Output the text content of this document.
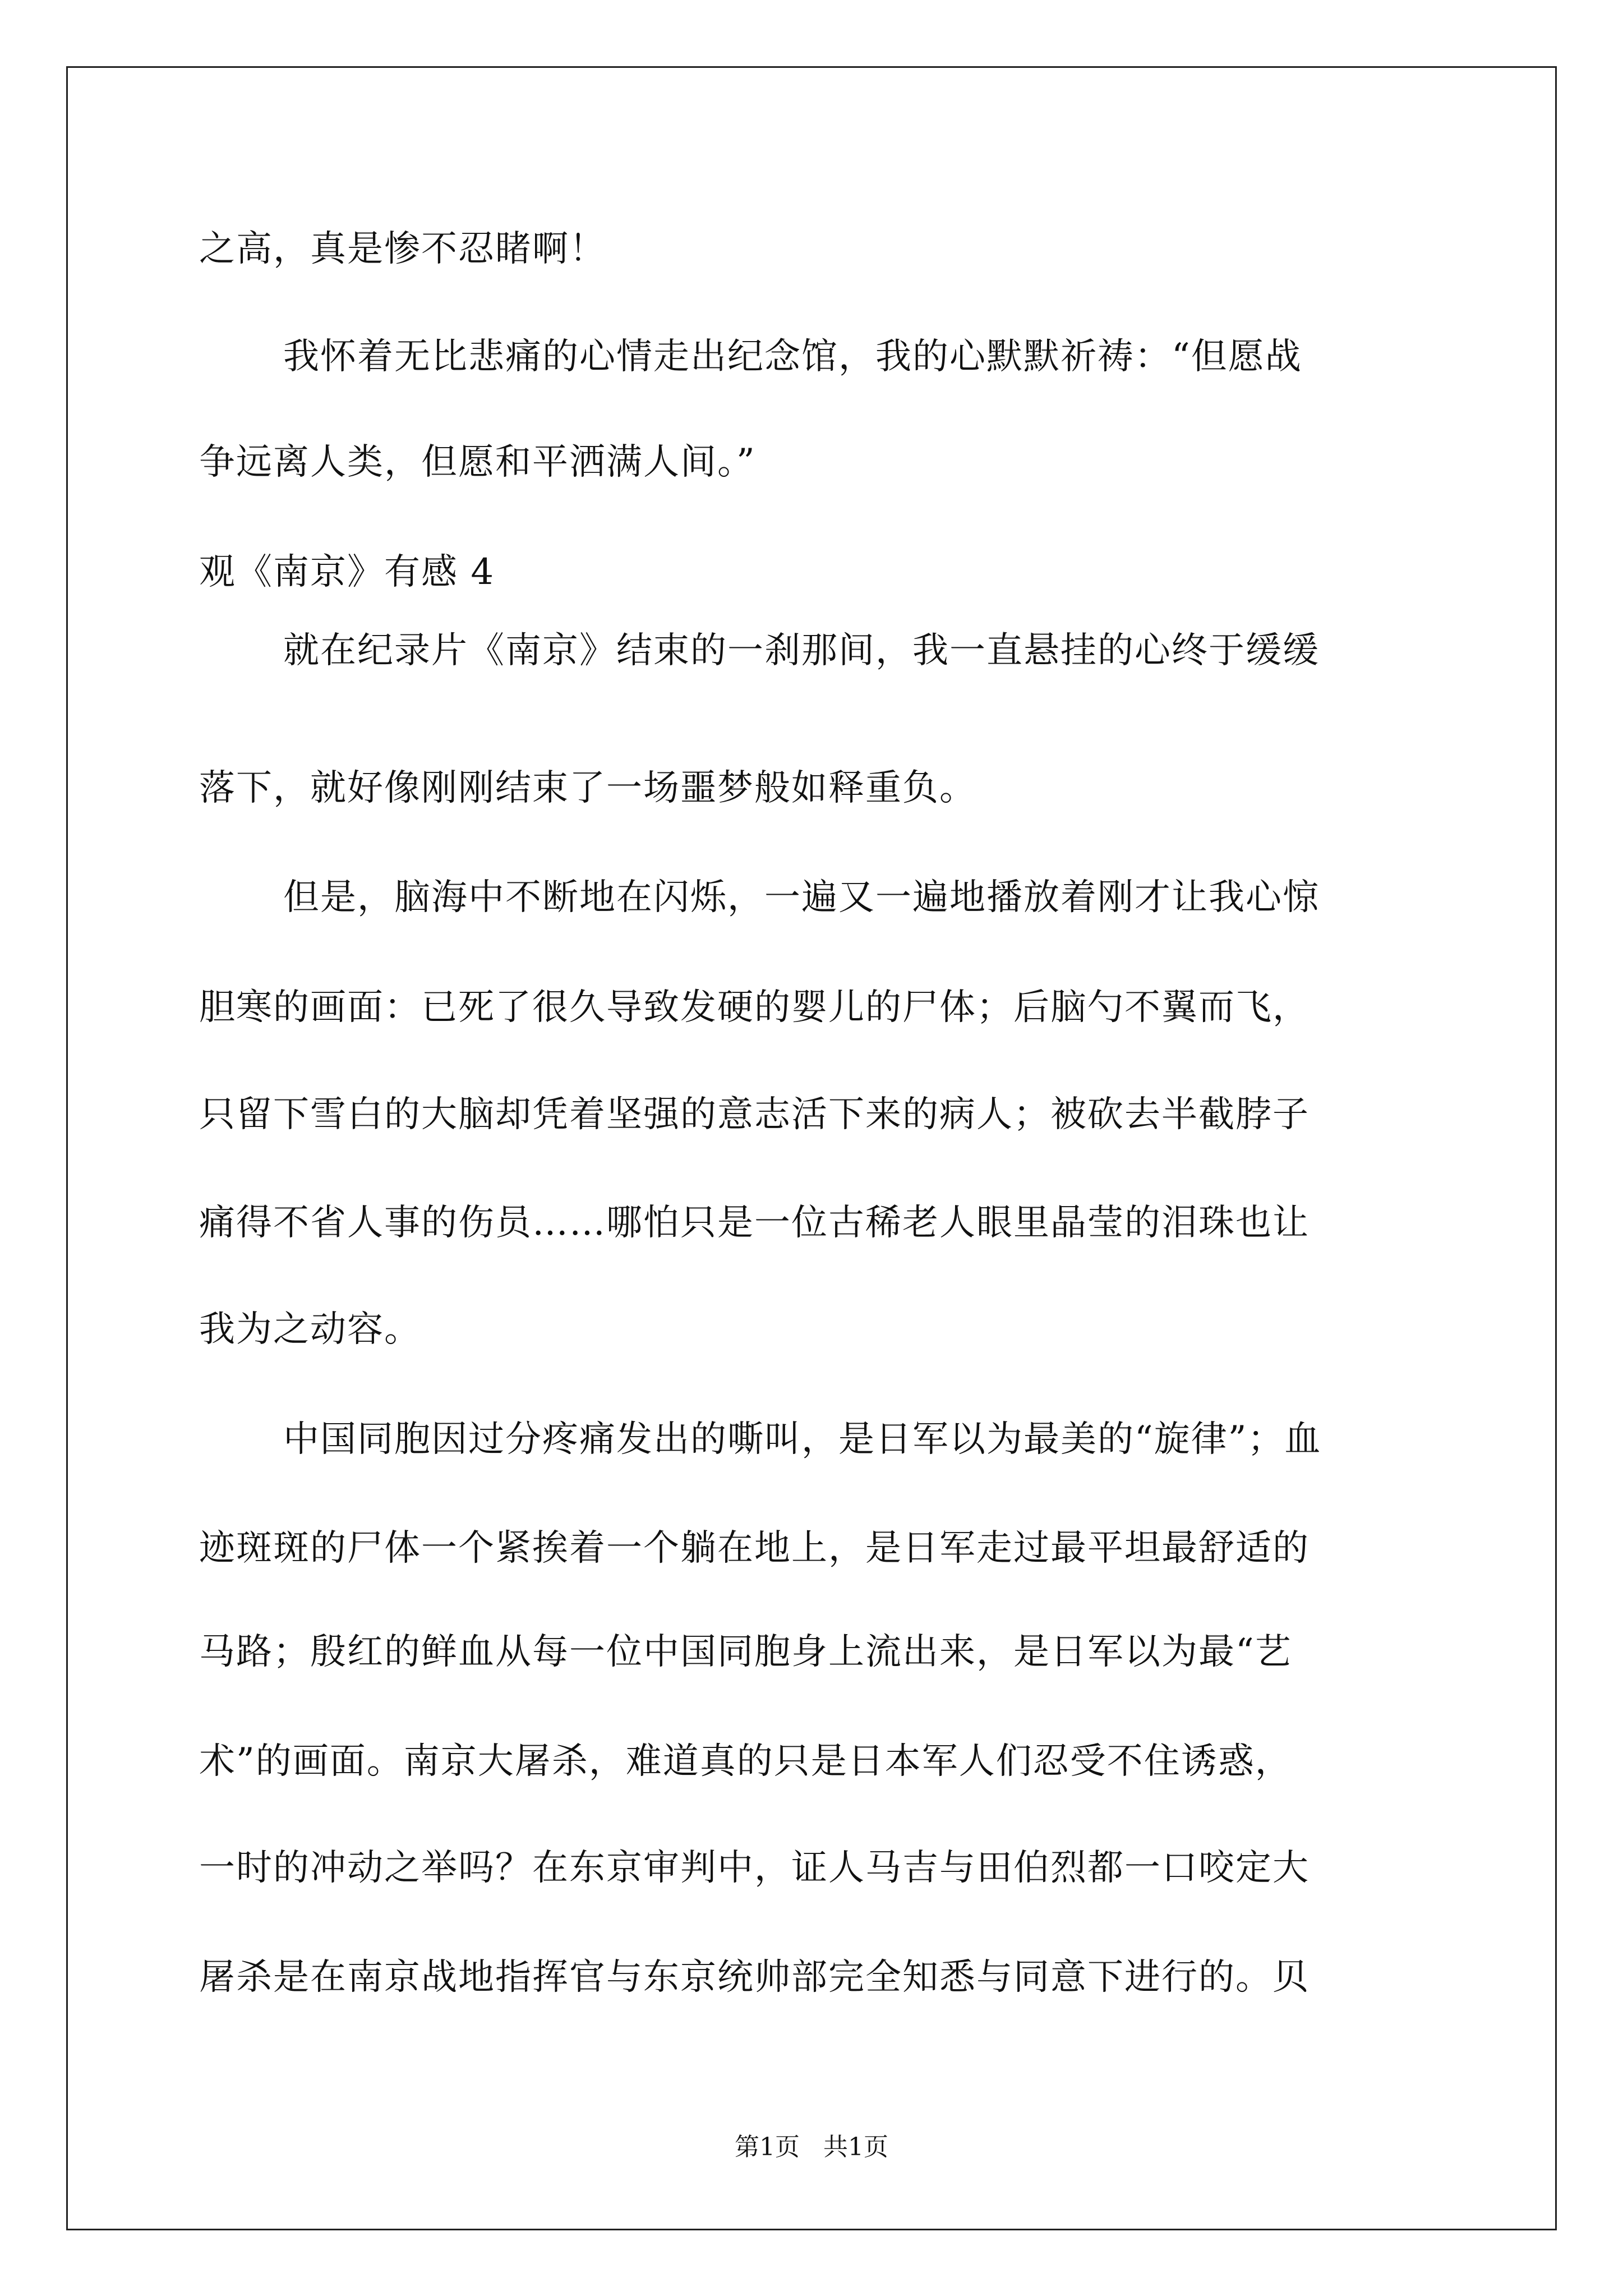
之高，真是惨不忍睹啊！
我怀着无比悲痛的心情走出纪念馆，我的心默默祈祷：“但愿战
争远离人类，但愿和平洒满人间。”
观《南京》有感 4
就在纪录片《南京》结束的一刹那间，我一直悬挂的心终于缓缓
落下，就好像刚刚结束了一场噩梦般如释重负。
但是，脑海中不断地在闪烁，一遍又一遍地播放着刚才让我心惊
胆寒的画面：已死了很久导致发硬的婴儿的尸体；后脑勺不翼而飞，
只留下雪白的大脑却凭着坚强的意志活下来的病人；被砍去半截脖子
痛得不省人事的伤员……哪怕只是一位古稀老人眼里晶莹的泪珠也让
我为之动容。
中国同胞因过分疼痛发出的嘶叫，是日军以为最美的“旋律”；血
迹斑斑的尸体一个紧挨着一个躺在地上，是日军走过最平坦最舒适的
马路；殷红的鲜血从每一位中国同胞身上流出来，是日军以为最“艺
术”的画面。南京大屠杀，难道真的只是日本军人们忍受不住诱惑，
一时的冲动之举吗？在东京审判中，证人马吉与田伯烈都一口咬定大
屠杀是在南京战地指挥官与东京统帅部完全知悉与同意下进行的。贝
第1页   共1页
